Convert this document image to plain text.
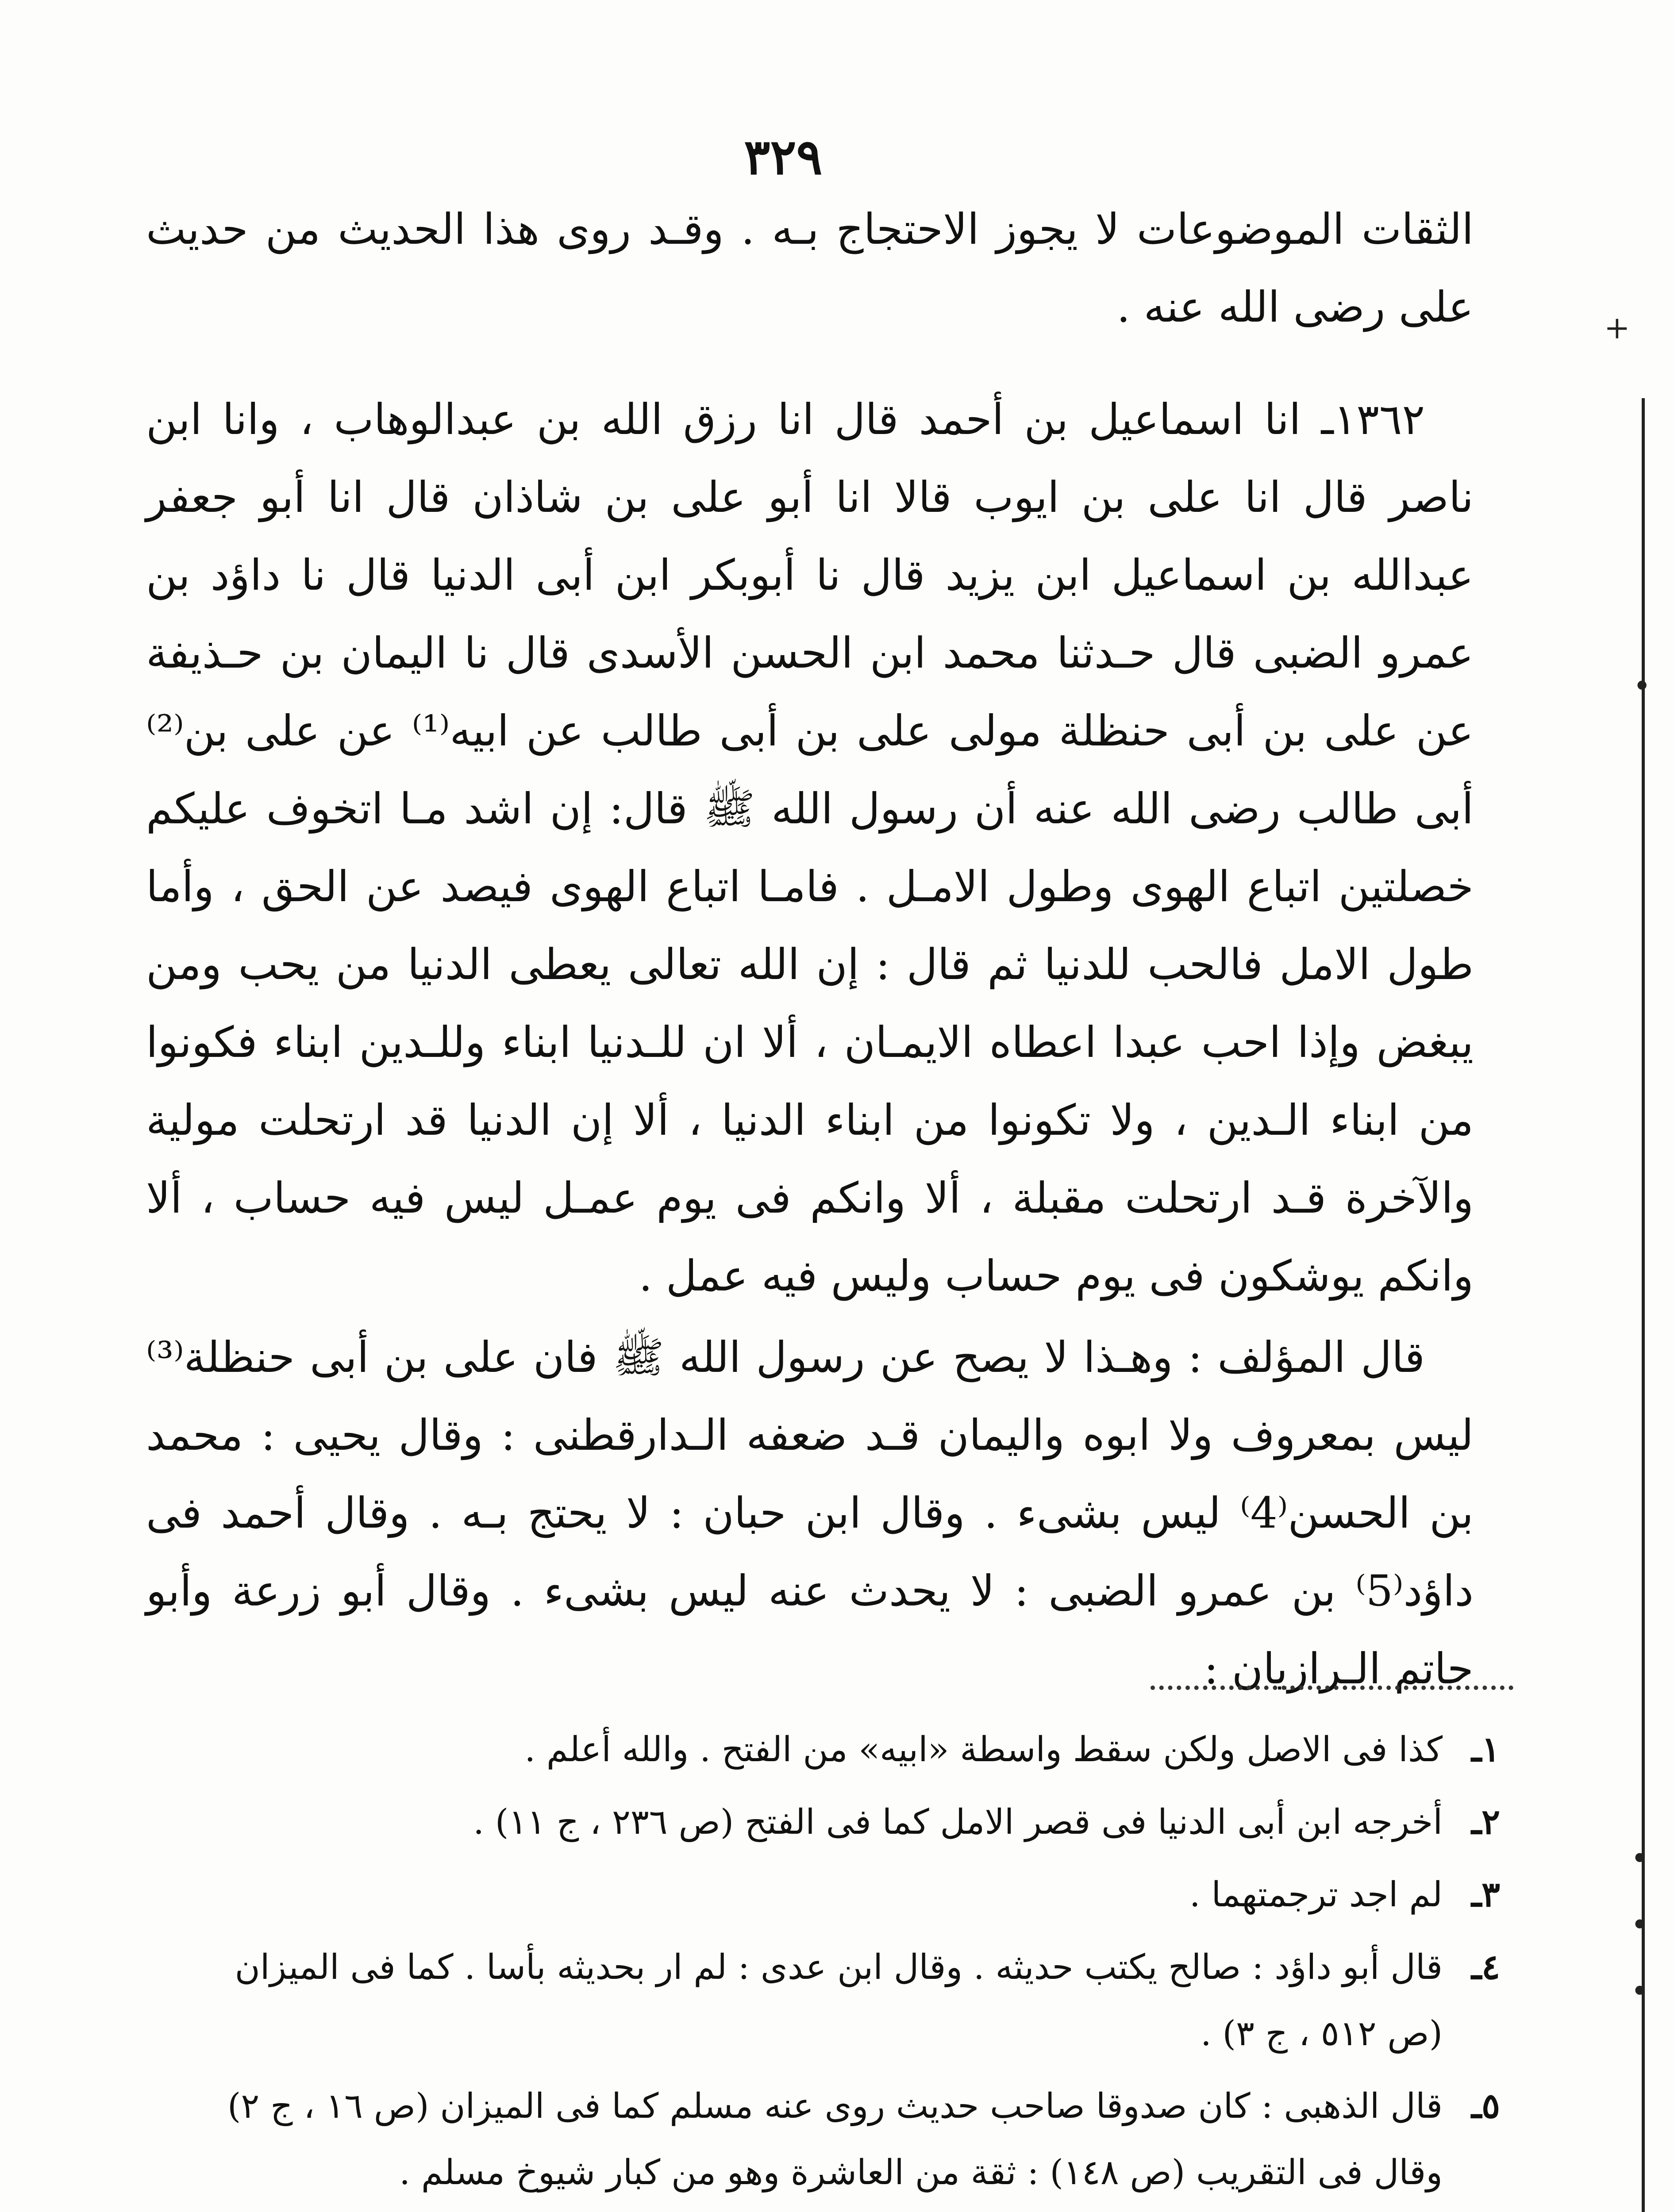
٣٢٩

الثقات الموضوعات لا يجوز الاحتجاج بـه . وقـد روى هذا الحديث من حديث على رضى الله عنه .

١٣٦٢ـ انا اسماعيل بن أحمد قال انا رزق الله بن عبدالوهاب ، وانا ابن ناصر قال انا على بن ايوب قالا انا أبو على بن شاذان قال انا أبو جعفر عبدالله بن اسماعيل ابن يزيد قال نا أبوبكر ابن أبى الدنيا قال نا داؤد بن عمرو الضبى قال حـدثنا محمد ابن الحسن الأسدى قال نا اليمان بن حـذيفة عن على بن أبى حنظلة مولى على بن أبى طالب عن ابيه⁽¹⁾ عن على بن⁽²⁾ أبى طالب رضى الله عنه أن رسول الله ﷺ قال: إن اشد مـا اتخوف عليكم خصلتين اتباع الهوى وطول الامـل . فامـا اتباع الهوى فيصد عن الحق ، وأما طول الامل فالحب للدنيا ثم قال : إن الله تعالى يعطى الدنيا من يحب ومن يبغض وإذا احب عبدا اعطاه الايمـان ، ألا ان للـدنيا ابناء وللـدين ابناء فكونوا من ابناء الـدين ، ولا تكونوا من ابناء الدنيا ، ألا إن الدنيا قد ارتحلت مولية والآخرة قـد ارتحلت مقبلة ، ألا وانكم فى يوم عمـل ليس فيه حساب ، ألا وانكم يوشكون فى يوم حساب وليس فيه عمل .

قال المؤلف : وهـذا لا يصح عن رسول الله ﷺ فان على بن أبى حنظلة⁽³⁾ ليس بمعروف ولا ابوه واليمان قـد ضعفه الـدارقطنى : وقال يحيى : محمد بن الحسن⁽4⁾ ليس بشىء . وقال ابن حبان : لا يحتج بـه . وقال أحمد فى داؤد⁽5⁾ بن عمرو الضبى : لا يحدث عنه ليس بشىء . وقال أبو زرعة وأبو حاتم الـرازيان :

١ـ
كذا فى الاصل ولكن سقط واسطة «ابيه» من الفتح . والله أعلم .
٢ـ
أخرجه ابن أبى الدنيا فى قصر الامل كما فى الفتح (ص ٢٣٦ ، ج ١١) .
٣ـ
لم اجد ترجمتهما .
٤ـ
قال أبو داؤد : صالح يكتب حديثه . وقال ابن عدى : لم ار بحديثه بأسا . كما فى الميزان (ص ٥١٢ ، ج ٣) .
٥ـ
قال الذهبى : كان صدوقا صاحب حديث روى عنه مسلم كما فى الميزان (ص ١٦ ، ج ٢) وقال فى التقريب (ص ١٤٨) : ثقة من العاشرة وهو من كبار شيوخ مسلم .
+
•
•
•
•
